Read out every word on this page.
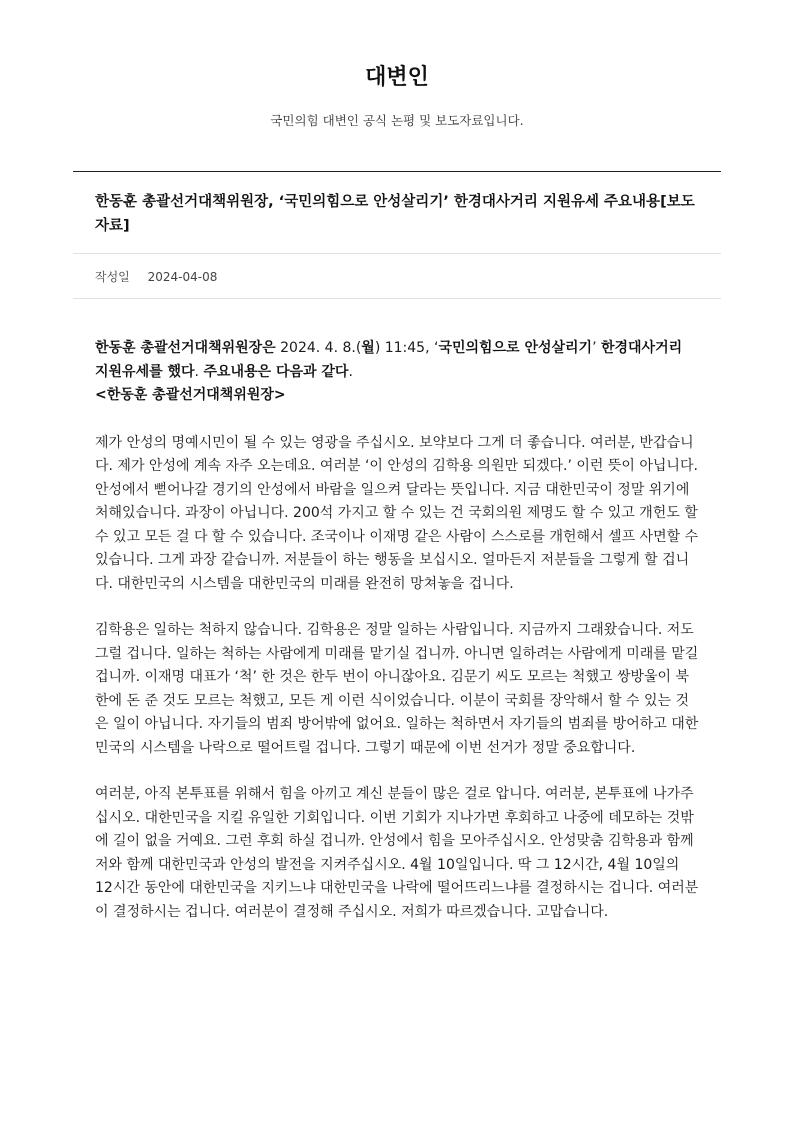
대변인
국민의힘 대변인 공식 논평 및 보도자료입니다.
한동훈 총괄선거대책위원장, ‘국민의힘으로 안성살리기’ 한경대사거리 지원유세 주요내용[보도자료]
작성일 2024-04-08

한동훈 총괄선거대책위원장은 2024. 4. 8.(월) 11:45, ‘국민의힘으로 안성살리기’ 한경대사거리 지원유세를 했다. 주요내용은 다음과 같다.
<한동훈 총괄선거대책위원장>

제가 안성의 명예시민이 될 수 있는 영광을 주십시오. 보약보다 그게 더 좋습니다. 여러분, 반갑습니다. 제가 안성에 계속 자주 오는데요. 여러분 ‘이 안성의 김학용 의원만 되겠다.’ 이런 뜻이 아닙니다. 안성에서 뻗어나갈 경기의 안성에서 바람을 일으켜 달라는 뜻입니다. 지금 대한민국이 정말 위기에 처해있습니다. 과장이 아닙니다. 200석 가지고 할 수 있는 건 국회의원 제명도 할 수 있고 개헌도 할 수 있고 모든 걸 다 할 수 있습니다. 조국이나 이재명 같은 사람이 스스로를 개헌해서 셀프 사면할 수 있습니다. 그게 과장 같습니까. 저분들이 하는 행동을 보십시오. 얼마든지 저분들을 그렇게 할 겁니다. 대한민국의 시스템을 대한민국의 미래를 완전히 망쳐놓을 겁니다.

김학용은 일하는 척하지 않습니다. 김학용은 정말 일하는 사람입니다. 지금까지 그래왔습니다. 저도 그럴 겁니다. 일하는 척하는 사람에게 미래를 맡기실 겁니까. 아니면 일하려는 사람에게 미래를 맡길 겁니까. 이재명 대표가 ‘척’ 한 것은 한두 번이 아니잖아요. 김문기 씨도 모르는 척했고 쌍방울이 북한에 돈 준 것도 모르는 척했고, 모든 게 이런 식이었습니다. 이분이 국회를 장악해서 할 수 있는 것은 일이 아닙니다. 자기들의 범죄 방어밖에 없어요. 일하는 척하면서 자기들의 범죄를 방어하고 대한민국의 시스템을 나락으로 떨어트릴 겁니다. 그렇기 때문에 이번 선거가 정말 중요합니다.

여러분, 아직 본투표를 위해서 힘을 아끼고 계신 분들이 많은 걸로 압니다. 여러분, 본투표에 나가주십시오. 대한민국을 지킬 유일한 기회입니다. 이번 기회가 지나가면 후회하고 나중에 데모하는 것밖에 길이 없을 거예요. 그런 후회 하실 겁니까. 안성에서 힘을 모아주십시오. 안성맞춤 김학용과 함께 저와 함께 대한민국과 안성의 발전을 지켜주십시오. 4월 10일입니다. 딱 그 12시간, 4월 10일의 12시간 동안에 대한민국을 지키느냐 대한민국을 나락에 떨어뜨리느냐를 결정하시는 겁니다. 여러분이 결정하시는 겁니다. 여러분이 결정해 주십시오. 저희가 따르겠습니다. 고맙습니다.
